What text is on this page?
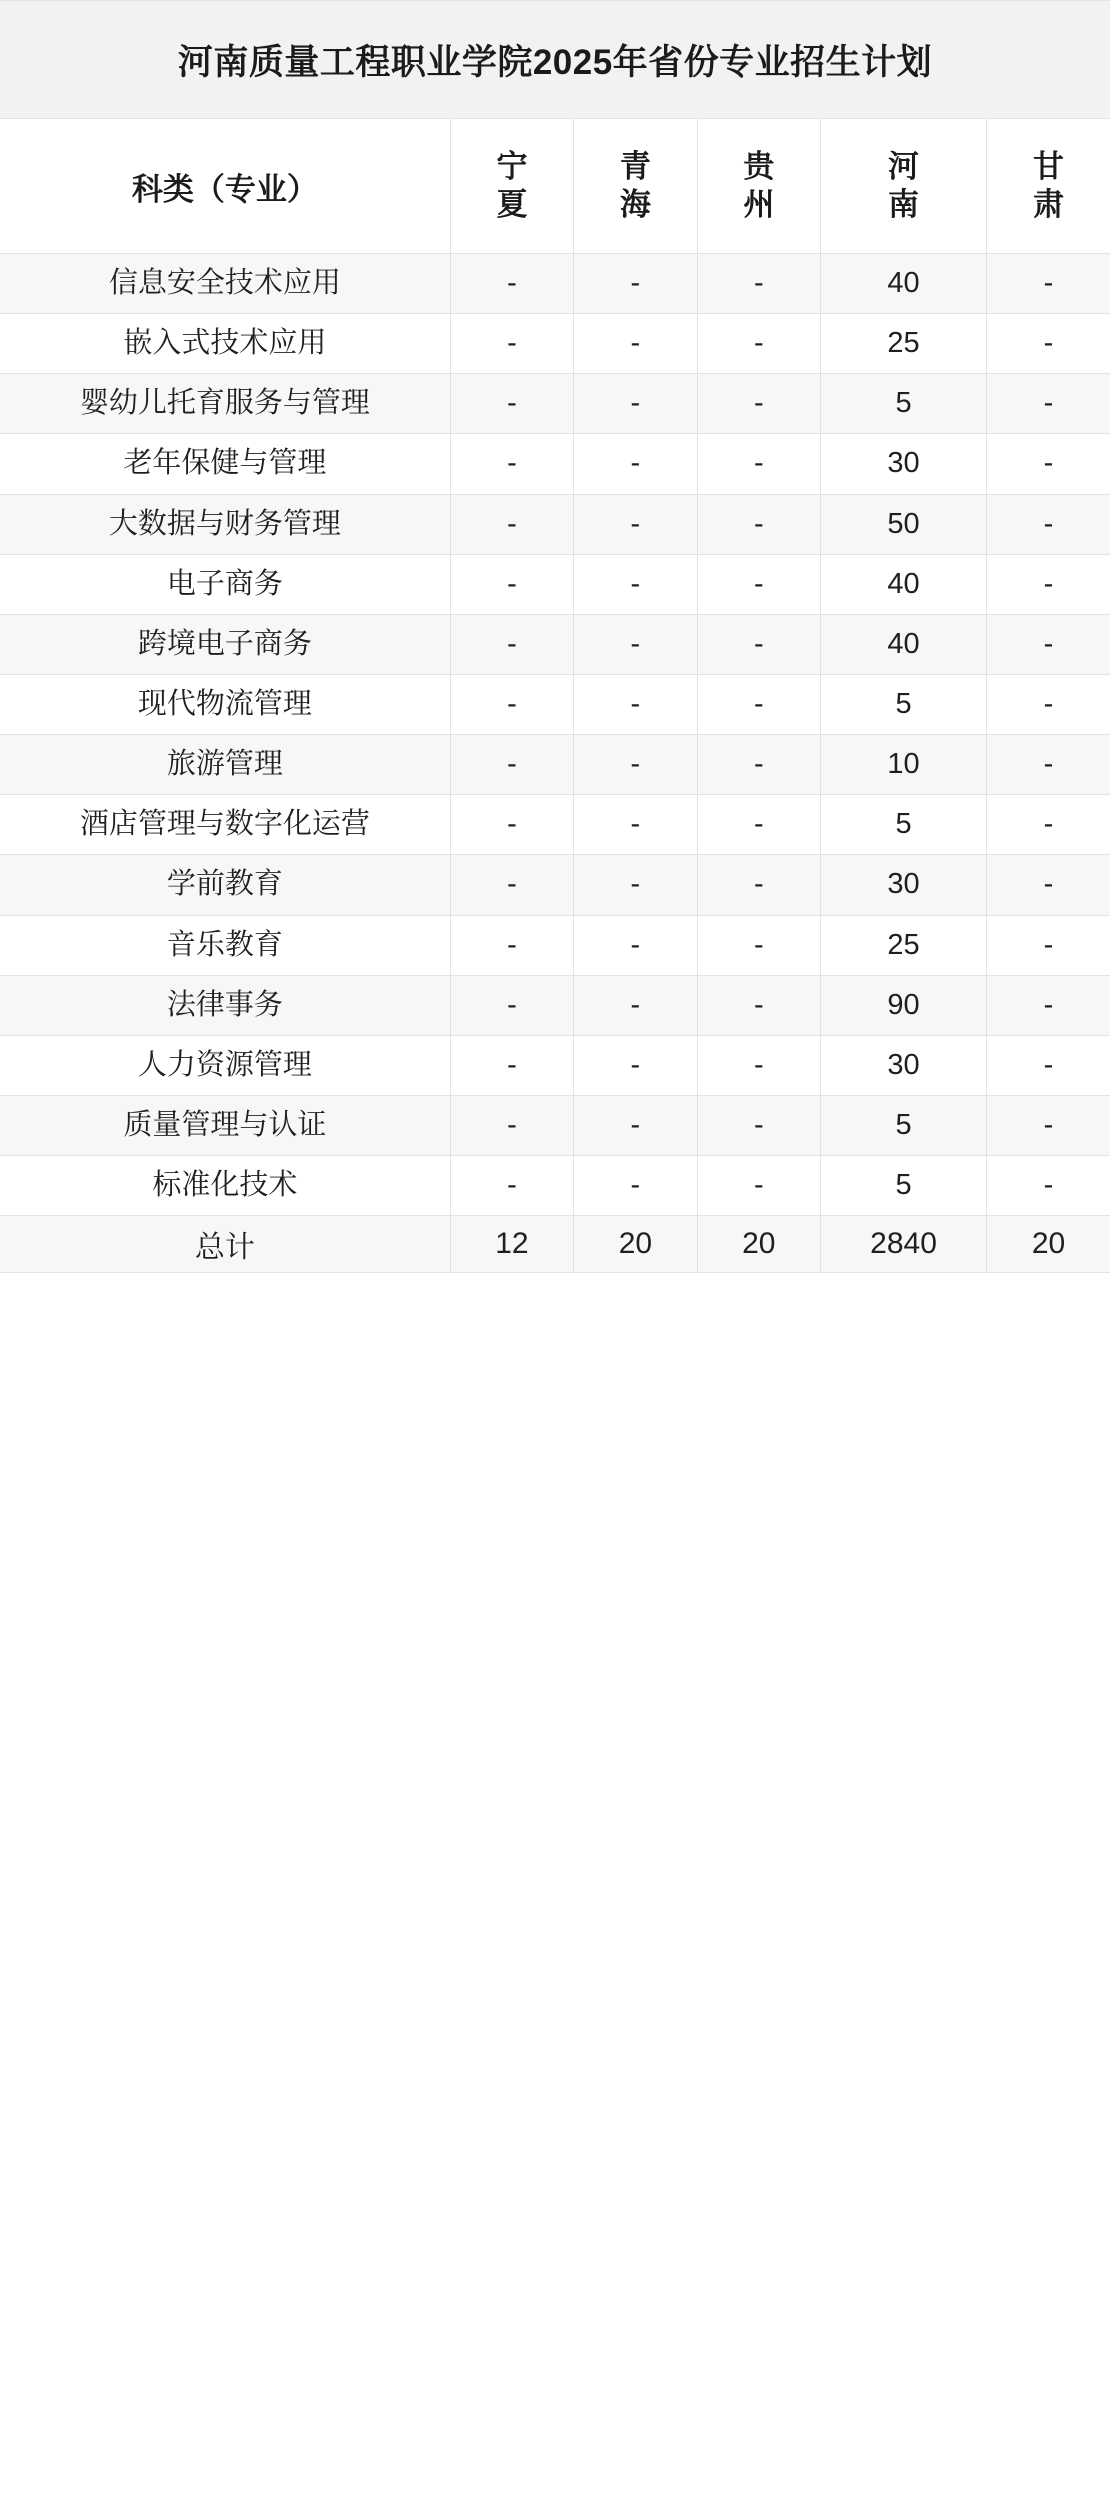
河南质量工程职业学院2025年省份专业招生计划					
科类（专业）	宁夏	青海	贵州	河南	甘肃
信息安全技术应用	-	-	-	40	-
嵌入式技术应用	-	-	-	25	-
婴幼儿托育服务与管理	-	-	-	5	-
老年保健与管理	-	-	-	30	-
大数据与财务管理	-	-	-	50	-
电子商务	-	-	-	40	-
跨境电子商务	-	-	-	40	-
现代物流管理	-	-	-	5	-
旅游管理	-	-	-	10	-
酒店管理与数字化运营	-	-	-	5	-
学前教育	-	-	-	30	-
音乐教育	-	-	-	25	-
法律事务	-	-	-	90	-
人力资源管理	-	-	-	30	-
质量管理与认证	-	-	-	5	-
标准化技术	-	-	-	5	-
总计	12	20	20	2840	20
